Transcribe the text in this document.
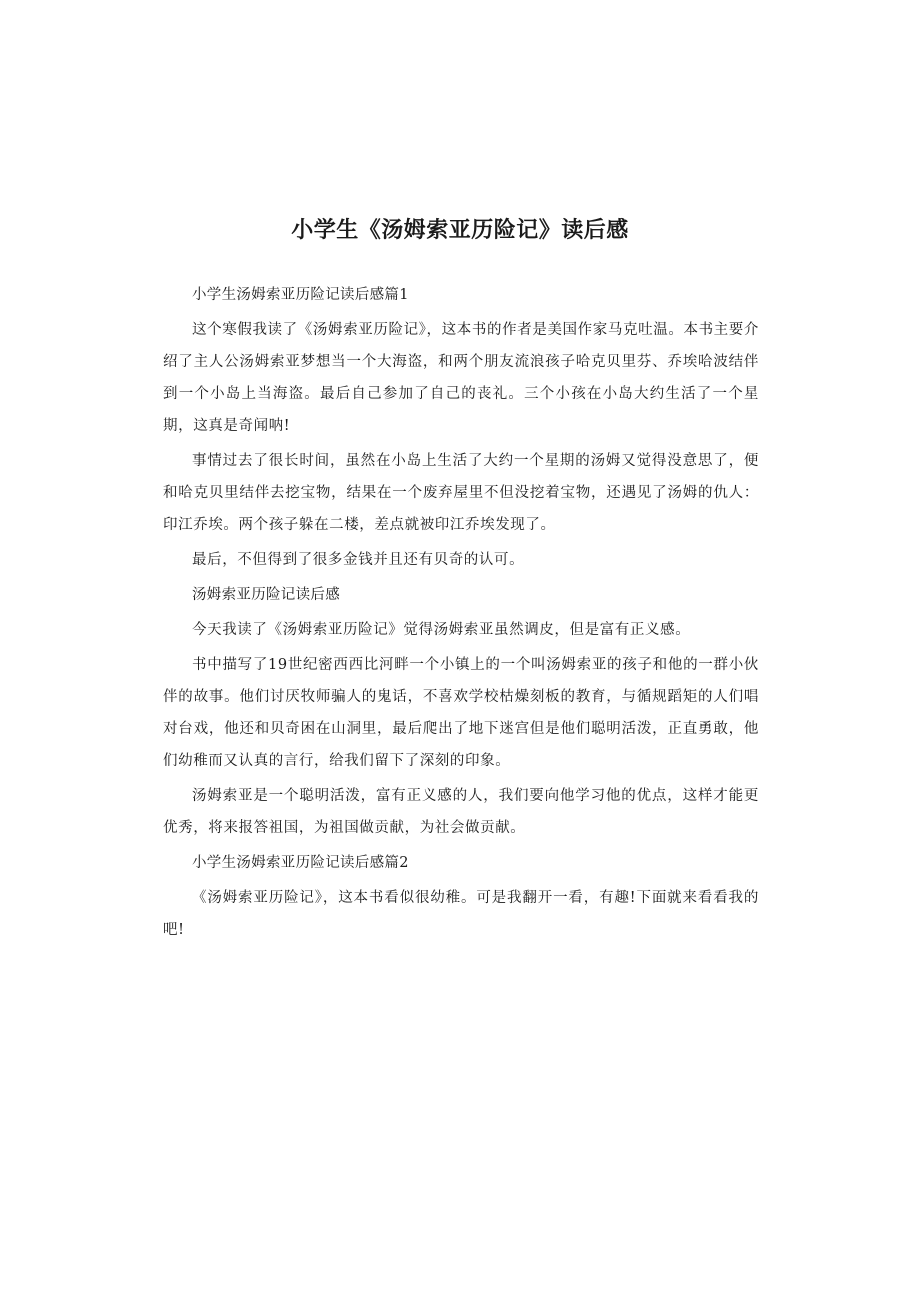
小学生《汤姆索亚历险记》读后感

小学生汤姆索亚历险记读后感篇1

这个寒假我读了《汤姆索亚历险记》，这本书的作者是美国作家马克吐温。本书主要介绍了主人公汤姆索亚梦想当一个大海盗，和两个朋友流浪孩子哈克贝里芬、乔埃哈波结伴到一个小岛上当海盗。最后自己参加了自己的丧礼。三个小孩在小岛大约生活了一个星期，这真是奇闻呐!

事情过去了很长时间，虽然在小岛上生活了大约一个星期的汤姆又觉得没意思了，便和哈克贝里结伴去挖宝物，结果在一个废弃屋里不但没挖着宝物，还遇见了汤姆的仇人：印江乔埃。两个孩子躲在二楼，差点就被印江乔埃发现了。

最后，不但得到了很多金钱并且还有贝奇的认可。

汤姆索亚历险记读后感

今天我读了《汤姆索亚历险记》觉得汤姆索亚虽然调皮，但是富有正义感。

书中描写了19世纪密西西比河畔一个小镇上的一个叫汤姆索亚的孩子和他的一群小伙伴的故事。他们讨厌牧师骗人的鬼话，不喜欢学校枯燥刻板的教育，与循规蹈矩的人们唱对台戏，他还和贝奇困在山洞里，最后爬出了地下迷宫但是他们聪明活泼，正直勇敢，他们幼稚而又认真的言行，给我们留下了深刻的印象。

汤姆索亚是一个聪明活泼，富有正义感的人，我们要向他学习他的优点，这样才能更优秀，将来报答祖国，为祖国做贡献，为社会做贡献。

小学生汤姆索亚历险记读后感篇2

《汤姆索亚历险记》，这本书看似很幼稚。可是我翻开一看，有趣!下面就来看看我的吧!
